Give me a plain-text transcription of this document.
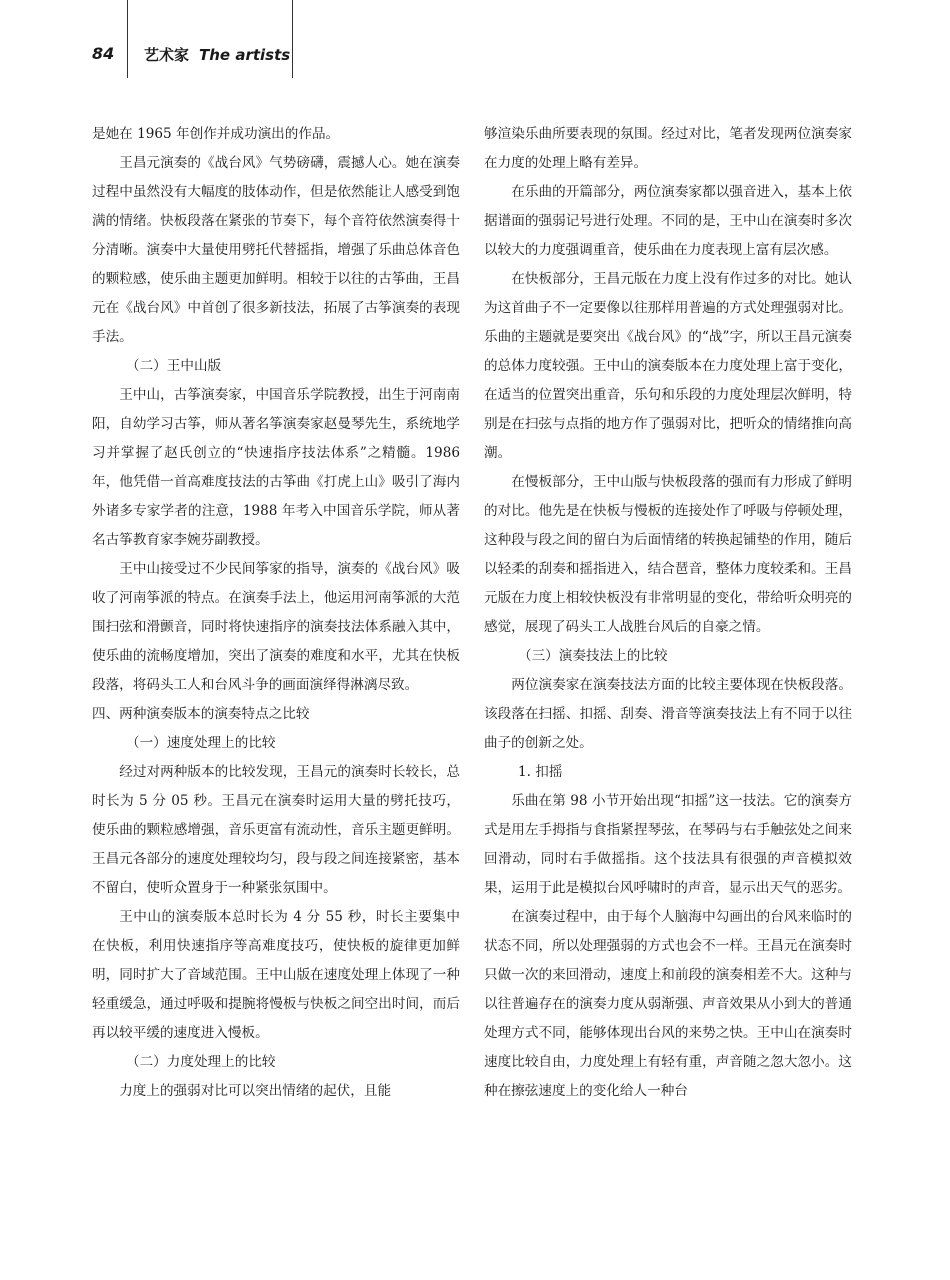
84 艺术家 The artists

是她在 1965 年创作并成功演出的作品。

王昌元演奏的《战台风》气势磅礴，震撼人心。她在演奏过程中虽然没有大幅度的肢体动作，但是依然能让人感受到饱满的情绪。快板段落在紧张的节奏下，每个音符依然演奏得十分清晰。演奏中大量使用劈托代替摇指，增强了乐曲总体音色的颗粒感，使乐曲主题更加鲜明。相较于以往的古筝曲，王昌元在《战台风》中首创了很多新技法，拓展了古筝演奏的表现手法。

（二）王中山版

王中山，古筝演奏家，中国音乐学院教授，出生于河南南阳，自幼学习古筝，师从著名筝演奏家赵曼琴先生，系统地学习并掌握了赵氏创立的“快速指序技法体系”之精髓。1986 年，他凭借一首高难度技法的古筝曲《打虎上山》吸引了海内外诸多专家学者的注意，1988 年考入中国音乐学院，师从著名古筝教育家李婉芬副教授。

王中山接受过不少民间筝家的指导，演奏的《战台风》吸收了河南筝派的特点。在演奏手法上，他运用河南筝派的大范围扫弦和滑颤音，同时将快速指序的演奏技法体系融入其中，使乐曲的流畅度增加，突出了演奏的难度和水平，尤其在快板段落，将码头工人和台风斗争的画面演绎得淋漓尽致。

四、两种演奏版本的演奏特点之比较

（一）速度处理上的比较

经过对两种版本的比较发现，王昌元的演奏时长较长，总时长为 5 分 05 秒。王昌元在演奏时运用大量的劈托技巧，使乐曲的颗粒感增强，音乐更富有流动性，音乐主题更鲜明。王昌元各部分的速度处理较均匀，段与段之间连接紧密，基本不留白，使听众置身于一种紧张氛围中。

王中山的演奏版本总时长为 4 分 55 秒，时长主要集中在快板，利用快速指序等高难度技巧，使快板的旋律更加鲜明，同时扩大了音域范围。王中山版在速度处理上体现了一种轻重缓急，通过呼吸和提腕将慢板与快板之间空出时间，而后再以较平缓的速度进入慢板。

（二）力度处理上的比较

力度上的强弱对比可以突出情绪的起伏，且能

够渲染乐曲所要表现的氛围。经过对比，笔者发现两位演奏家在力度的处理上略有差异。

在乐曲的开篇部分，两位演奏家都以强音进入，基本上依据谱面的强弱记号进行处理。不同的是，王中山在演奏时多次以较大的力度强调重音，使乐曲在力度表现上富有层次感。

在快板部分，王昌元版在力度上没有作过多的对比。她认为这首曲子不一定要像以往那样用普遍的方式处理强弱对比。乐曲的主题就是要突出《战台风》的“战”字，所以王昌元演奏的总体力度较强。王中山的演奏版本在力度处理上富于变化，在适当的位置突出重音，乐句和乐段的力度处理层次鲜明，特别是在扫弦与点指的地方作了强弱对比，把听众的情绪推向高潮。

在慢板部分，王中山版与快板段落的强而有力形成了鲜明的对比。他先是在快板与慢板的连接处作了呼吸与停顿处理，这种段与段之间的留白为后面情绪的转换起铺垫的作用，随后以轻柔的刮奏和摇指进入，结合琶音，整体力度较柔和。王昌元版在力度上相较快板没有非常明显的变化，带给听众明亮的感觉，展现了码头工人战胜台风后的自豪之情。

（三）演奏技法上的比较

两位演奏家在演奏技法方面的比较主要体现在快板段落。该段落在扫摇、扣摇、刮奏、滑音等演奏技法上有不同于以往曲子的创新之处。

1. 扣摇

乐曲在第 98 小节开始出现“扣摇”这一技法。它的演奏方式是用左手拇指与食指紧捏琴弦，在琴码与右手触弦处之间来回滑动，同时右手做摇指。这个技法具有很强的声音模拟效果，运用于此是模拟台风呼啸时的声音，显示出天气的恶劣。

在演奏过程中，由于每个人脑海中勾画出的台风来临时的状态不同，所以处理强弱的方式也会不一样。王昌元在演奏时只做一次的来回滑动，速度上和前段的演奏相差不大。这种与以往普遍存在的演奏力度从弱渐强、声音效果从小到大的普通处理方式不同，能够体现出台风的来势之快。王中山在演奏时速度比较自由，力度处理上有轻有重，声音随之忽大忽小。这种在擦弦速度上的变化给人一种台
